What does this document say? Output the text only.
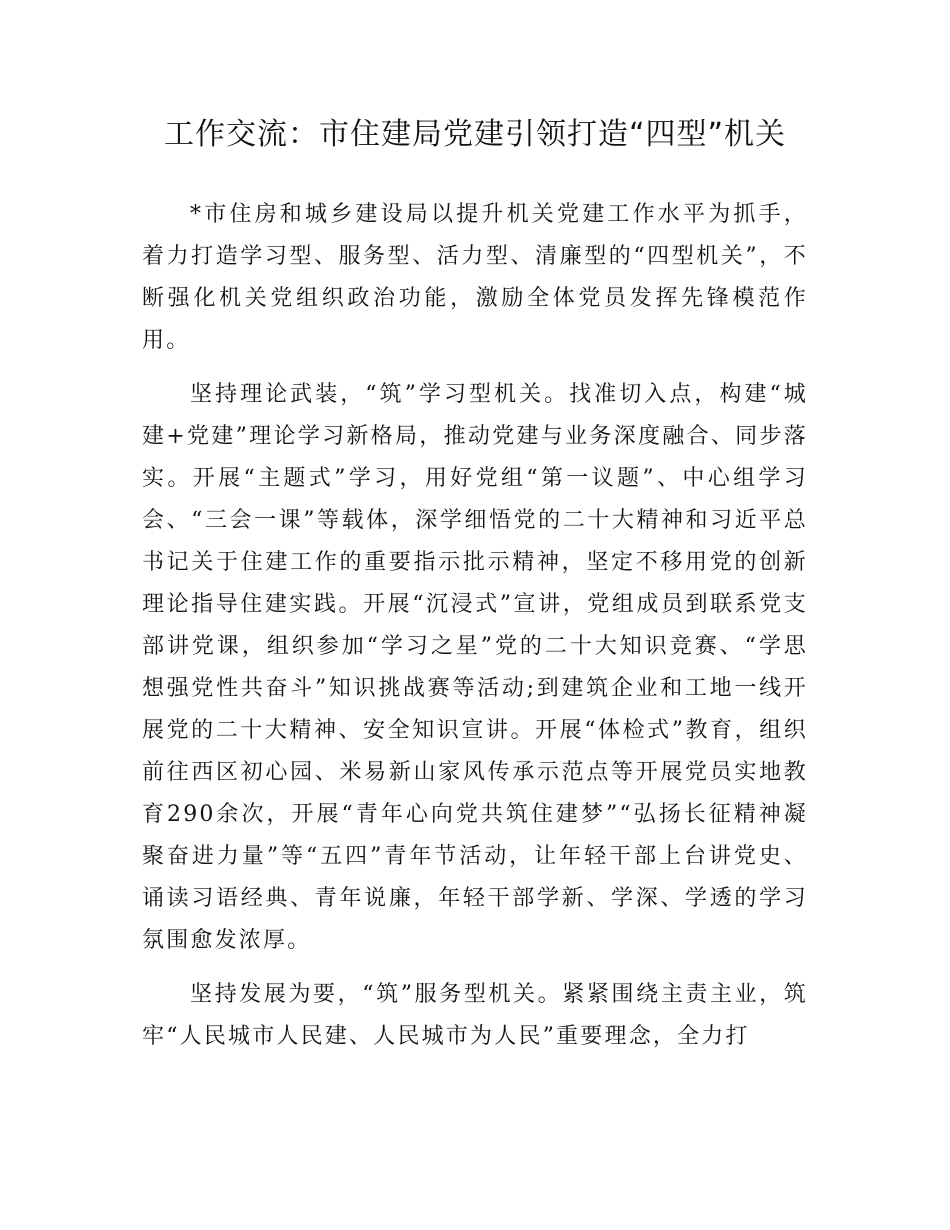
工作交流：市住建局党建引领打造“四型”机关

*市住房和城乡建设局以提升机关党建工作水平为抓手，着力打造学习型、服务型、活力型、清廉型的“四型机关”，不断强化机关党组织政治功能，激励全体党员发挥先锋模范作用。

坚持理论武装，“筑”学习型机关。找准切入点，构建“城建+党建”理论学习新格局，推动党建与业务深度融合、同步落实。开展“主题式”学习，用好党组“第一议题”、中心组学习会、“三会一课”等载体，深学细悟党的二十大精神和习近平总书记关于住建工作的重要指示批示精神，坚定不移用党的创新理论指导住建实践。开展“沉浸式”宣讲，党组成员到联系党支部讲党课，组织参加“学习之星”党的二十大知识竞赛、“学思想强党性共奋斗”知识挑战赛等活动;到建筑企业和工地一线开展党的二十大精神、安全知识宣讲。开展“体检式”教育，组织前往西区初心园、米易新山家风传承示范点等开展党员实地教育290余次，开展“青年心向党共筑住建梦”“弘扬长征精神凝聚奋进力量”等“五四”青年节活动，让年轻干部上台讲党史、诵读习语经典、青年说廉，年轻干部学新、学深、学透的学习氛围愈发浓厚。

坚持发展为要，“筑”服务型机关。紧紧围绕主责主业，筑牢“人民城市人民建、人民城市为人民”重要理念，全力打
